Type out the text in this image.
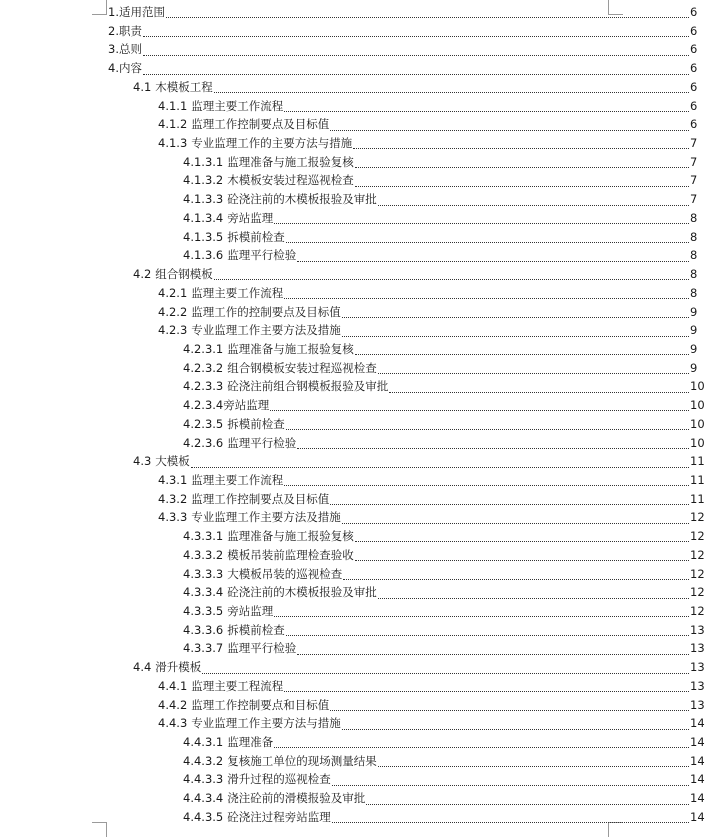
1. 适用范围	6
2. 职责	6
3. 总则	6
4. 内容	6
4.1 木模板工程	6
4.1.1 监理主要工作流程	6
4.1.2 监理工作控制要点及目标值	6
4.1.3 专业监理工作的主要方法与措施	7
4.1.3.1 监理准备与施工报验复核	7
4.1.3.2 木模板安装过程巡视检查	7
4.1.3.3 砼浇注前的木模板报验及审批	7
4.1.3.4 旁站监理	8
4.1.3.5 拆模前检查	8
4.1.3.6 监理平行检验	8
4.2 组合钢模板	8
4.2.1 监理主要工作流程	8
4.2.2 监理工作的控制要点及目标值	9
4.2.3 专业监理工作主要方法及措施	9
4.2.3.1 监理准备与施工报验复核	9
4.2.3.2 组合钢模板安装过程巡视检查	9
4.2.3.3 砼浇注前组合钢模板报验及审批	10
4.2.3.4 旁站监理	10
4.2.3.5 拆模前检查	10
4.2.3.6 监理平行检验	10
4.3 大模板	11
4.3.1 监理主要工作流程	11
4.3.2 监理工作控制要点及目标值	11
4.3.3 专业监理工作主要方法及措施	12
4.3.3.1 监理准备与施工报验复核	12
4.3.3.2 模板吊装前监理检查验收	12
4.3.3.3 大模板吊装的巡视检查	12
4.3.3.4 砼浇注前的木模板报验及审批	12
4.3.3.5 旁站监理	12
4.3.3.6 拆模前检查	13
4.3.3.7 监理平行检验	13
4.4 滑升模板	13
4.4.1 监理主要工程流程	13
4.4.2 监理工作控制要点和目标值	13
4.4.3 专业监理工作主要方法与措施	14
4.4.3.1 监理准备	14
4.4.3.2 复核施工单位的现场测量结果	14
4.4.3.3 滑升过程的巡视检查	14
4.4.3.4 浇注砼前的滑模报验及审批	14
4.4.3.5 砼浇注过程旁站监理	14
